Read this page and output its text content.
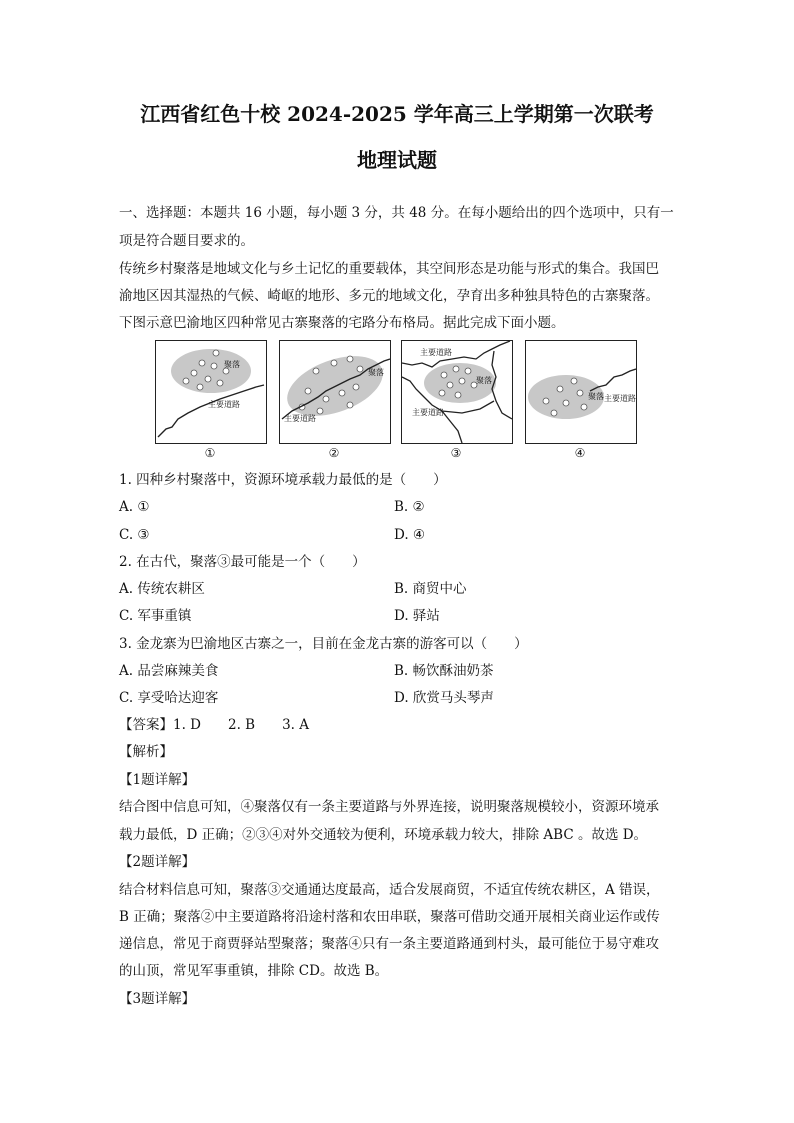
江西省红色十校 2024-2025 学年高三上学期第一次联考
地理试题
一、选择题：本题共 16 小题，每小题 3 分，共 48 分。在每小题给出的四个选项中，只有一
项是符合题目要求的。
传统乡村聚落是地域文化与乡土记忆的重要载体，其空间形态是功能与形式的集合。我国巴
渝地区因其湿热的气候、崎岖的地形、多元的地域文化，孕育出多种独具特色的古寨聚落。
下图示意巴渝地区四种常见古寨聚落的宅路分布格局。据此完成下面小题。
聚落
主要道路
聚落
主要道路
主要道路
聚落
主要道路
聚落 主要道路
①	②	③	④
1. 四种乡村聚落中，资源环境承载力最低的是（　　）
A. ①	B. ②
C. ③	D. ④
2. 在古代，聚落③最可能是一个（　　）
A. 传统农耕区	B. 商贸中心
C. 军事重镇	D. 驿站
3. 金龙寨为巴渝地区古寨之一，目前在金龙古寨的游客可以（　　）
A. 品尝麻辣美食	B. 畅饮酥油奶茶
C. 享受哈达迎客	D. 欣赏马头琴声
【答案】1. D　　2. B　　3. A
【解析】
【1题详解】
结合图中信息可知，④聚落仅有一条主要道路与外界连接，说明聚落规模较小，资源环境承
载力最低，D 正确；②③④对外交通较为便利，环境承载力较大，排除 ABC 。故选 D。
【2题详解】
结合材料信息可知，聚落③交通通达度最高，适合发展商贸，不适宜传统农耕区，A 错误，
B 正确；聚落②中主要道路将沿途村落和农田串联，聚落可借助交通开展相关商业运作或传
递信息，常见于商贾驿站型聚落；聚落④只有一条主要道路通到村头，最可能位于易守难攻
的山顶，常见军事重镇，排除 CD。故选 B。
【3题详解】
